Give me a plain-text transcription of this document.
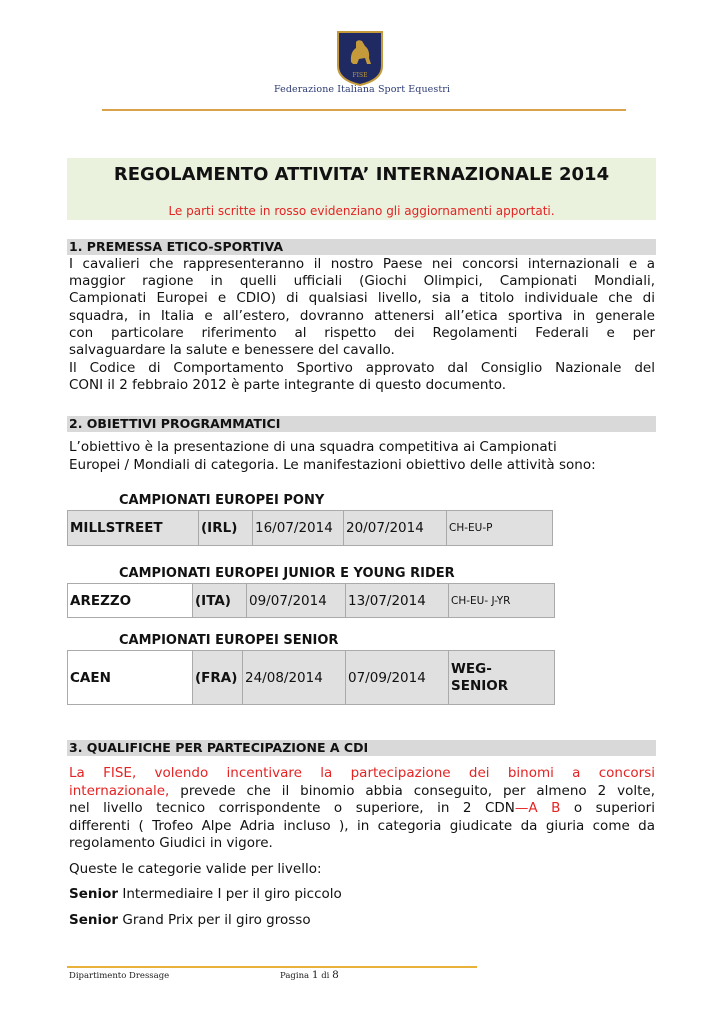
FISE
Federazione Italiana Sport Equestri
REGOLAMENTO ATTIVITA’ INTERNAZIONALE 2014
Le parti scritte in rosso evidenziano gli aggiornamenti apportati.
1. PREMESSA ETICO-SPORTIVA
I cavalieri che rappresenteranno il nostro Paese nei concorsi internazionali e a
maggior ragione in quelli ufficiali (Giochi Olimpici, Campionati Mondiali,
Campionati Europei e CDIO) di qualsiasi livello, sia a titolo individuale che di
squadra, in Italia e all’estero, dovranno attenersi all’etica sportiva in generale
con particolare riferimento al rispetto dei Regolamenti Federali e per
salvaguardare la salute e benessere del cavallo.
Il Codice di Comportamento Sportivo approvato dal Consiglio Nazionale del
CONI il 2 febbraio 2012 è parte integrante di questo documento.
2. OBIETTIVI PROGRAMMATICI
L’obiettivo è la presentazione di una squadra competitiva ai Campionati
Europei / Mondiali di categoria. Le manifestazioni obiettivo delle attività sono:
CAMPIONATI EUROPEI PONY
MILLSTREET	(IRL)	16/07/2014	20/07/2014	CH-EU-P
CAMPIONATI EUROPEI JUNIOR E YOUNG RIDER
AREZZO	(ITA)	09/07/2014	13/07/2014	CH-EU- J-YR
CAMPIONATI EUROPEI SENIOR
CAEN	(FRA)	24/08/2014	07/09/2014	WEG-
SENIOR
3. QUALIFICHE PER PARTECIPAZIONE A CDI
La FISE, volendo incentivare la partecipazione dei binomi a concorsi
internazionale, prevede che il binomio abbia conseguito, per almeno 2 volte,
nel livello tecnico corrispondente o superiore, in 2 CDN—A B o superiori
differenti ( Trofeo Alpe Adria incluso ), in categoria giudicate da giuria come da
regolamento Giudici in vigore.
Queste le categorie valide per livello:
Senior Intermediaire I per il giro piccolo
Senior Grand Prix per il giro grosso
Dipartimento Dressage	Pagina 1 di 8
